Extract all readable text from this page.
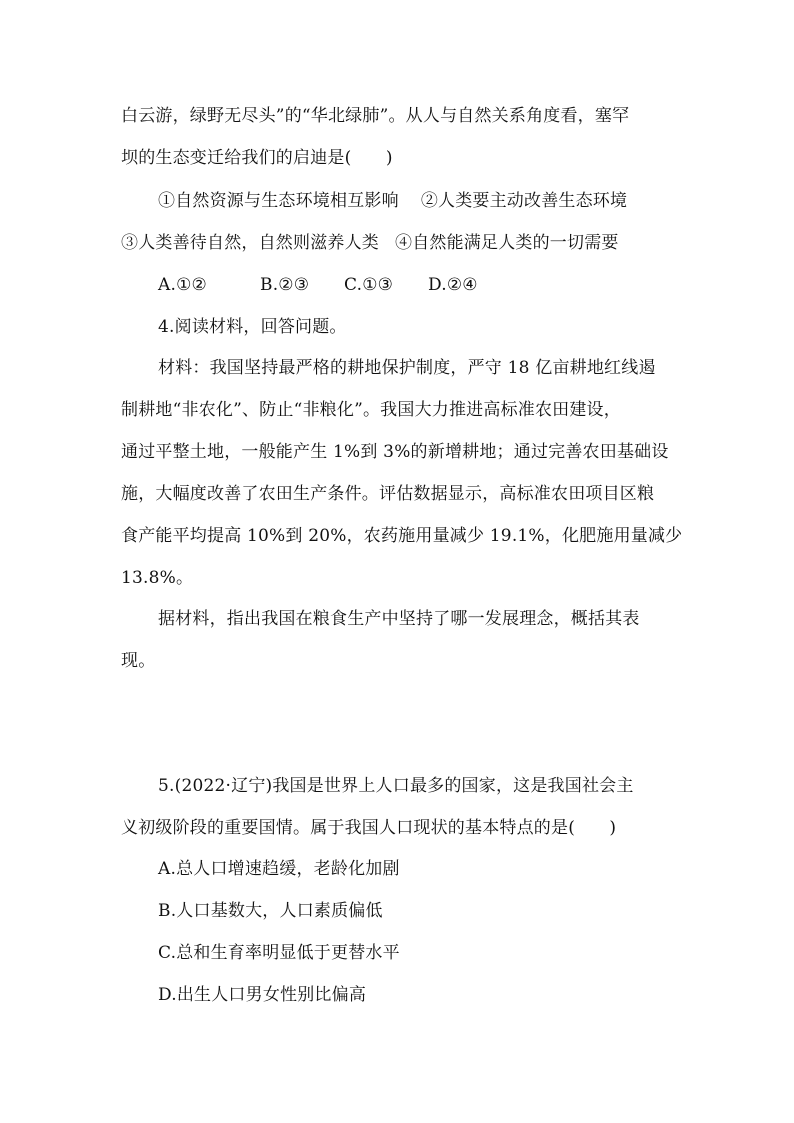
白云游，绿野无尽头”的“华北绿肺”。从人与自然关系角度看，塞罕
坝的生态变迁给我们的启迪是(　　)
①自然资源与生态环境相互影响 ②人类要主动改善生态环境
③人类善待自然，自然则滋养人类 ④自然能满足人类的一切需要
A.①②	B.②③ C.①③ D.②④
4.阅读材料，回答问题。
材料：我国坚持最严格的耕地保护制度，严守 18 亿亩耕地红线遏
制耕地“非农化”、防止“非粮化”。我国大力推进高标准农田建设，
通过平整土地，一般能产生 1%到 3%的新增耕地；通过完善农田基础设
施，大幅度改善了农田生产条件。评估数据显示，高标准农田项目区粮
食产能平均提高 10%到 20%，农药施用量减少 19.1%，化肥施用量减少
13.8%。
据材料，指出我国在粮食生产中坚持了哪一发展理念，概括其表
现。
5.(2022·辽宁)我国是世界上人口最多的国家，这是我国社会主
义初级阶段的重要国情。属于我国人口现状的基本特点的是(　　)
A.总人口增速趋缓，老龄化加剧
B.人口基数大，人口素质偏低
C.总和生育率明显低于更替水平
D.出生人口男女性别比偏高
